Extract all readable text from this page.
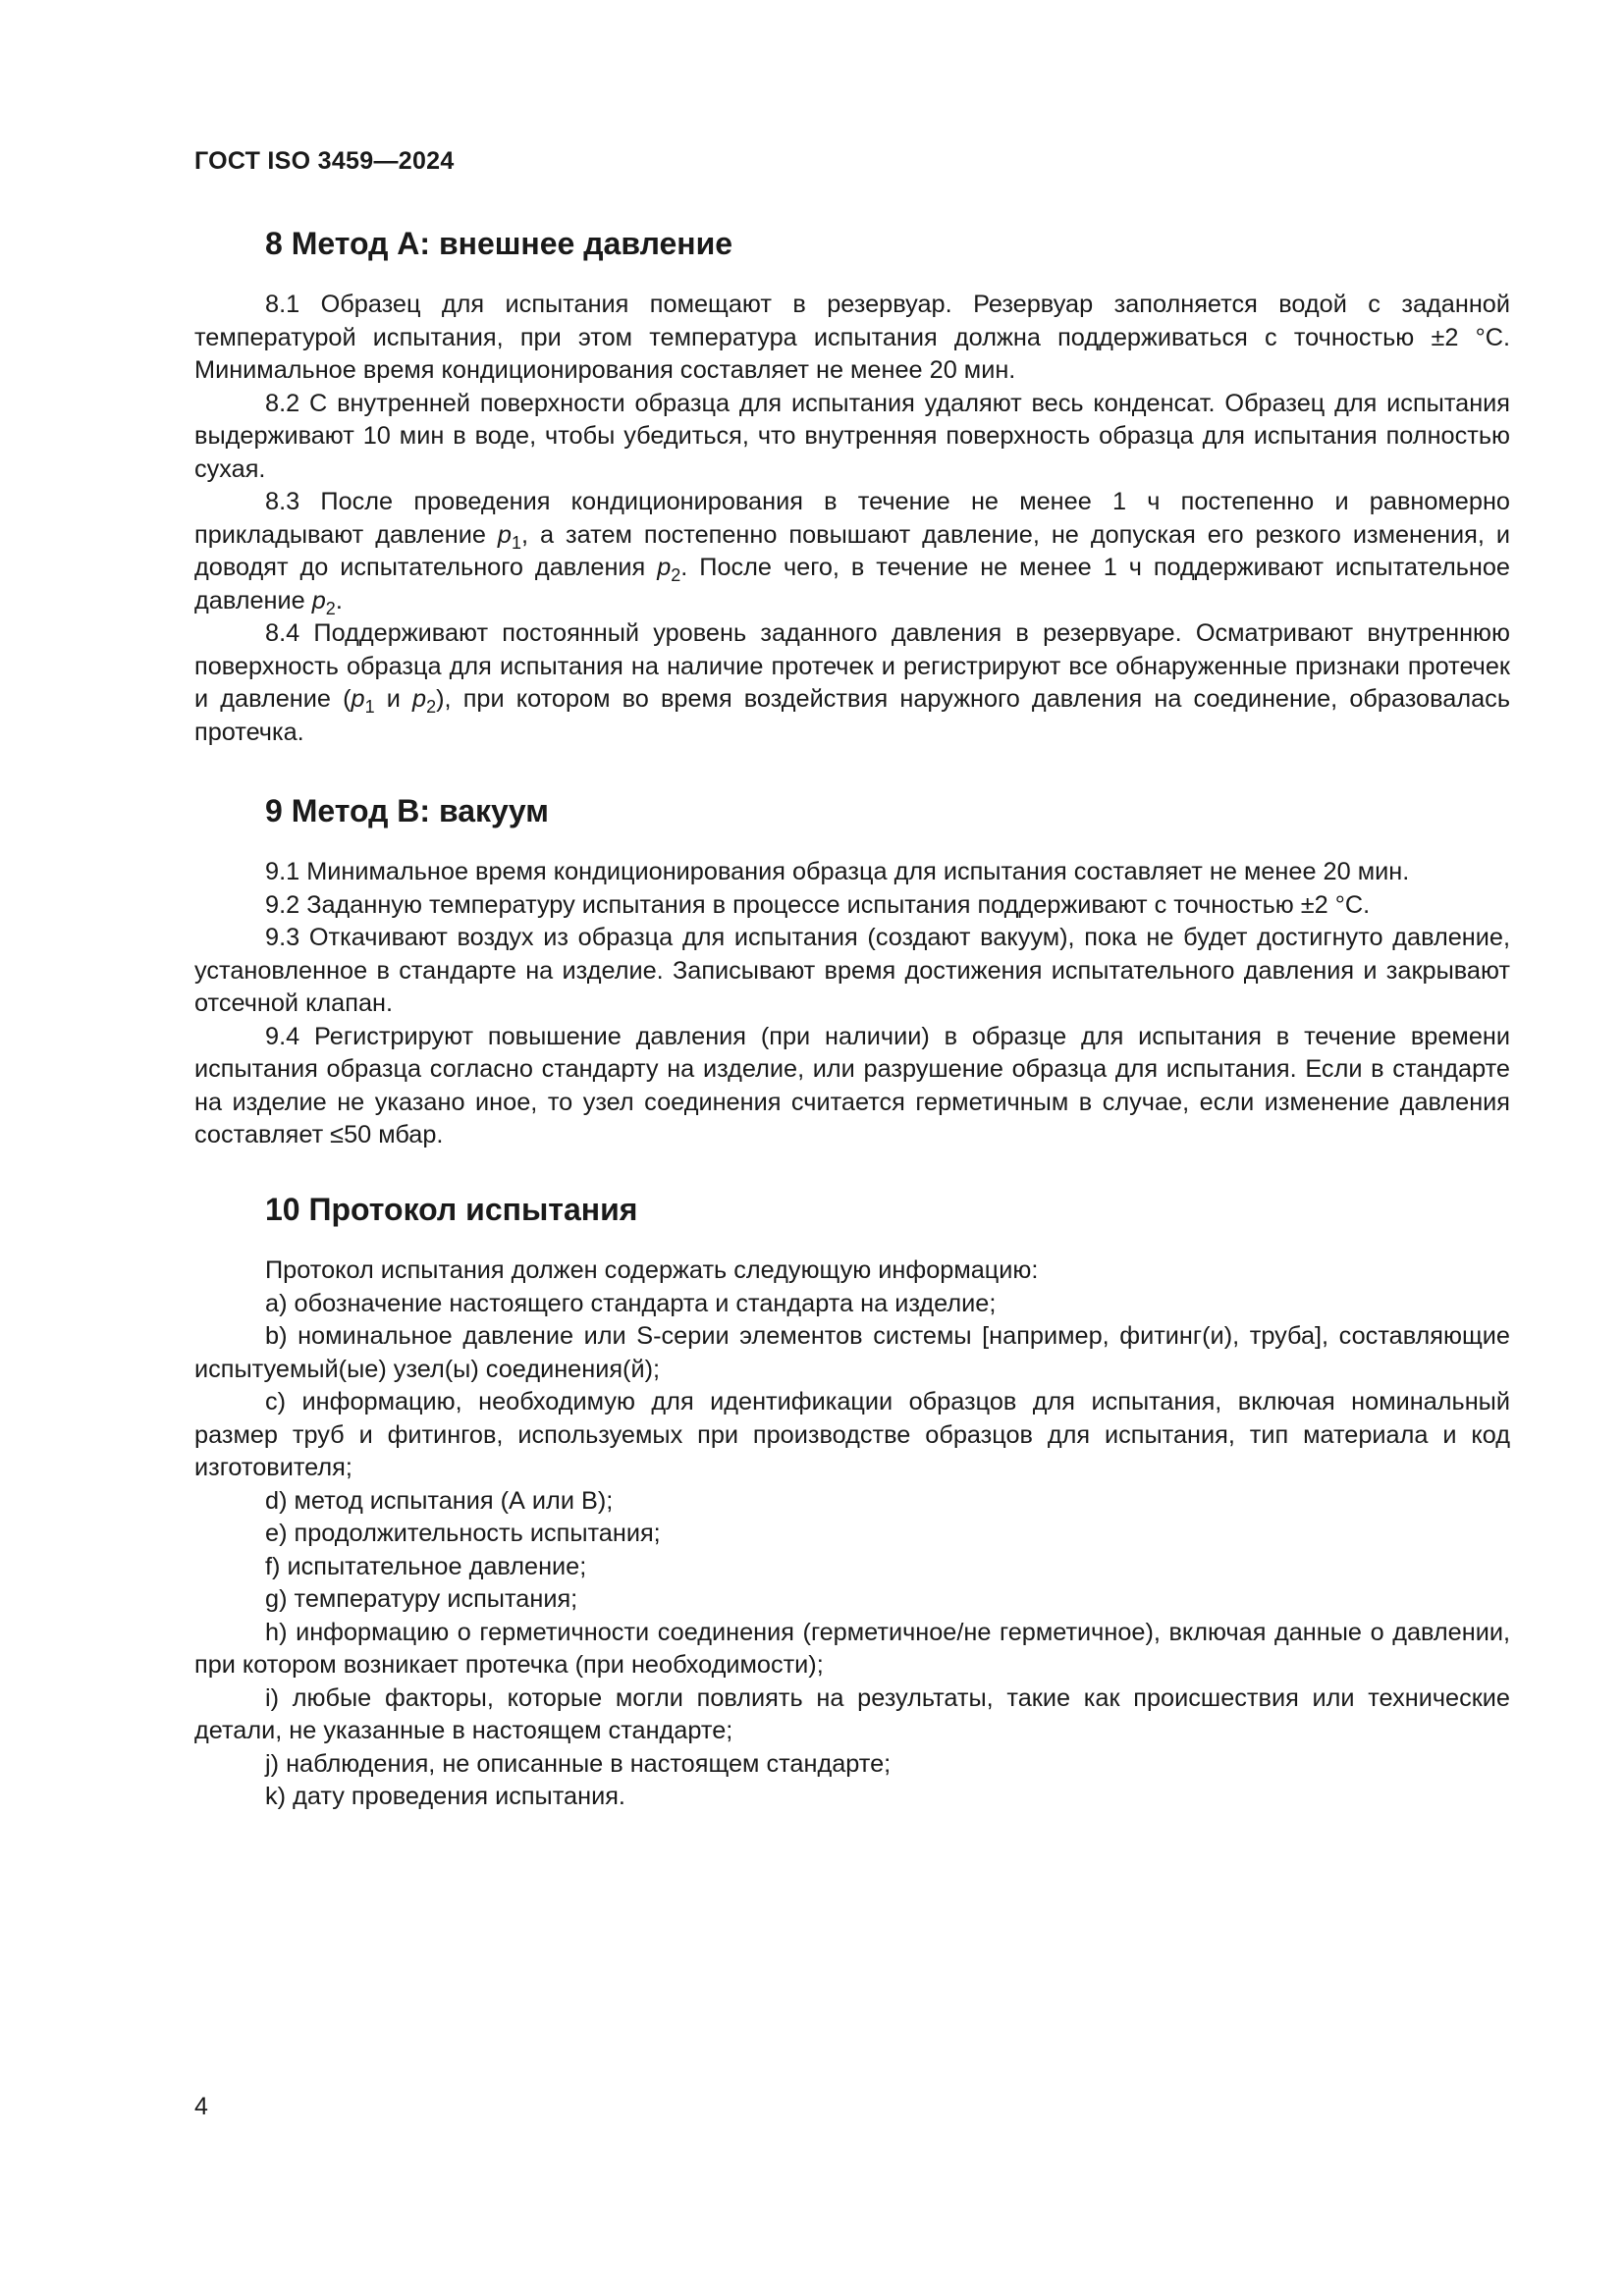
ГОСТ ISO 3459—2024
8 Метод А: внешнее давление

8.1 Образец для испытания помещают в резервуар. Резервуар заполняется водой с заданной температурой испытания, при этом температура испытания должна поддерживаться с точностью ±2 °С. Минимальное время кондиционирования составляет не менее 20 мин.

8.2 С внутренней поверхности образца для испытания удаляют весь конденсат. Образец для испытания выдерживают 10 мин в воде, чтобы убедиться, что внутренняя поверхность образца для испытания полностью сухая.

8.3 После проведения кондиционирования в течение не менее 1 ч постепенно и равномерно прикладывают давление $p_1$, а затем постепенно повышают давление, не допуская его резкого изменения, и доводят до испытательного давления $p_2$. После чего, в течение не менее 1 ч поддерживают испытательное давление $p_2$.

8.4 Поддерживают постоянный уровень заданного давления в резервуаре. Осматривают внутреннюю поверхность образца для испытания на наличие протечек и регистрируют все обнаруженные признаки протечек и давление ($p_1$ и $p_2$), при котором во время воздействия наружного давления на соединение, образовалась протечка.

9 Метод В: вакуум

9.1 Минимальное время кондиционирования образца для испытания составляет не менее 20 мин.

9.2 Заданную температуру испытания в процессе испытания поддерживают с точностью ±2 °С.

9.3 Откачивают воздух из образца для испытания (создают вакуум), пока не будет достигнуто давление, установленное в стандарте на изделие. Записывают время достижения испытательного давления и закрывают отсечной клапан.

9.4 Регистрируют повышение давления (при наличии) в образце для испытания в течение времени испытания образца согласно стандарту на изделие, или разрушение образца для испытания. Если в стандарте на изделие не указано иное, то узел соединения считается герметичным в случае, если изменение давления составляет ≤50 мбар.

10 Протокол испытания

Протокол испытания должен содержать следующую информацию:

a) обозначение настоящего стандарта и стандарта на изделие;

b) номинальное давление или S-серии элементов системы [например, фитинг(и), труба], составляющие испытуемый(ые) узел(ы) соединения(й);

c) информацию, необходимую для идентификации образцов для испытания, включая номинальный размер труб и фитингов, используемых при производстве образцов для испытания, тип материала и код изготовителя;

d) метод испытания (А или В);

e) продолжительность испытания;

f) испытательное давление;

g) температуру испытания;

h) информацию о герметичности соединения (герметичное/не герметичное), включая данные о давлении, при котором возникает протечка (при необходимости);

i) любые факторы, которые могли повлиять на результаты, такие как происшествия или технические детали, не указанные в настоящем стандарте;

j) наблюдения, не описанные в настоящем стандарте;

k) дату проведения испытания.

4
